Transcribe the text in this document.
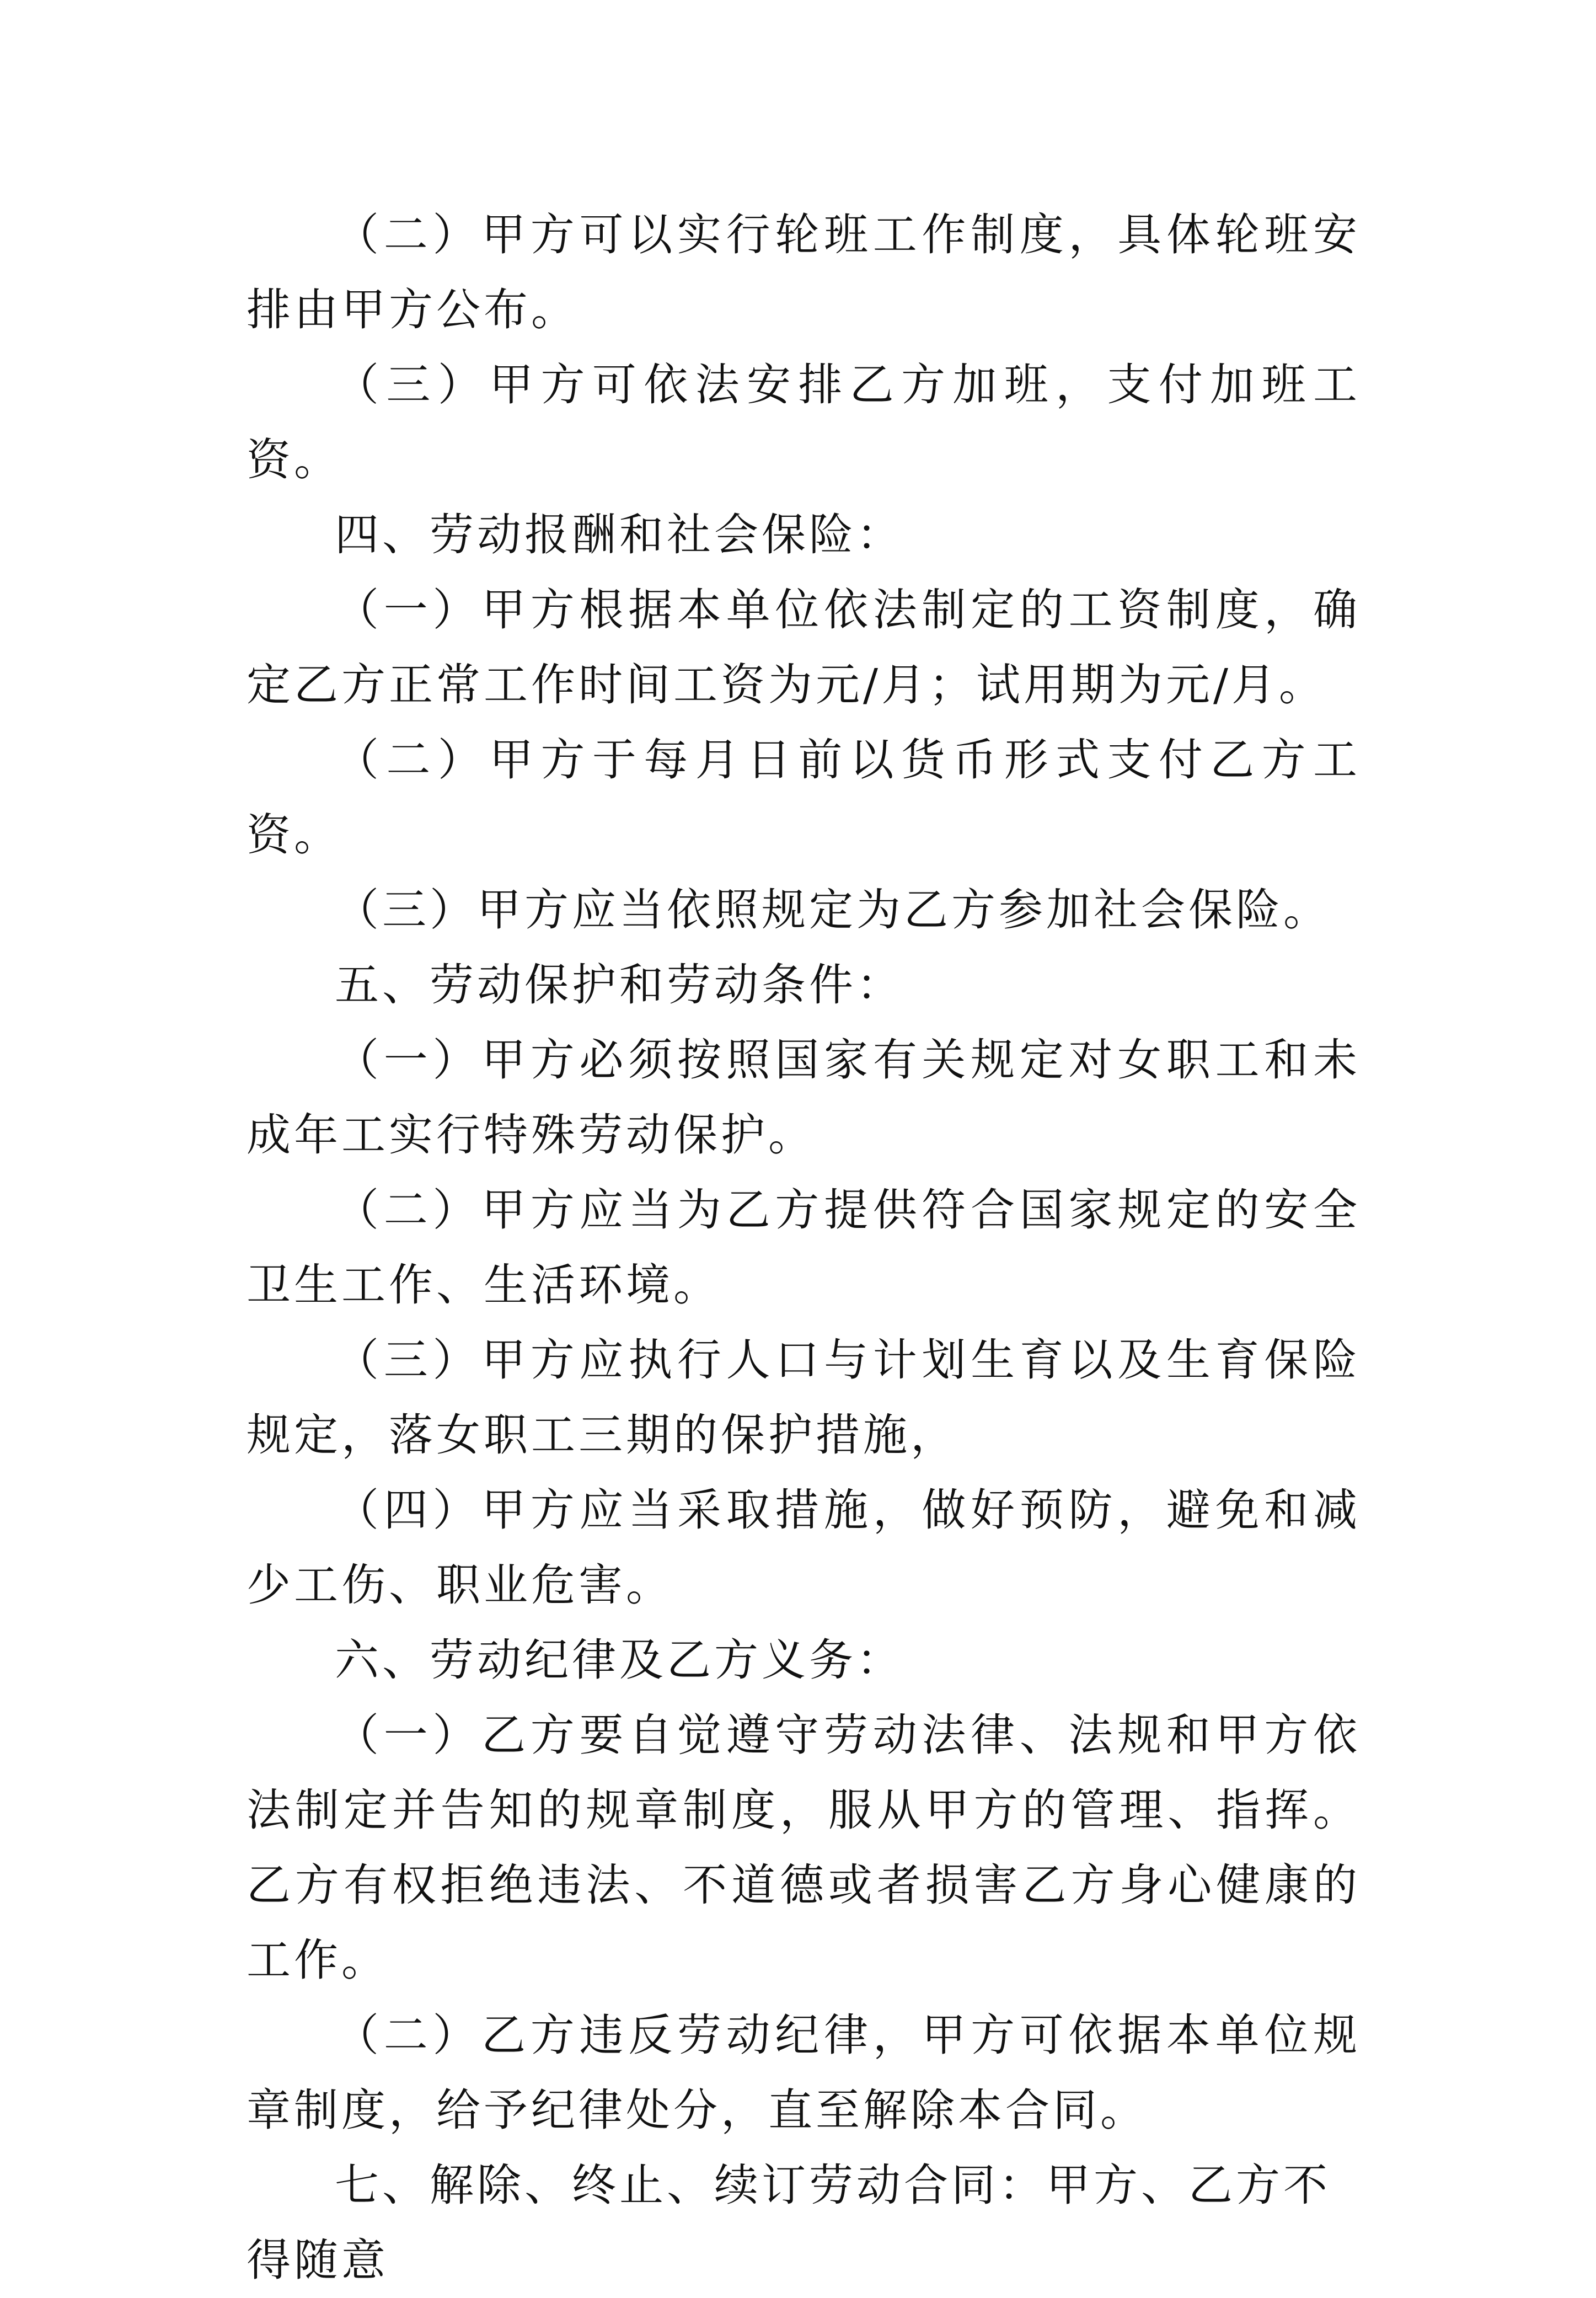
（二）甲方可以实行轮班工作制度，具体轮班安排由甲方公布。

（三）甲方可依法安排乙方加班，支付加班工资。

四、劳动报酬和社会保险：

（一）甲方根据本单位依法制定的工资制度，确定乙方正常工作时间工资为元/月；试用期为元/月。

（二）甲方于每月日前以货币形式支付乙方工资。

（三）甲方应当依照规定为乙方参加社会保险。

五、劳动保护和劳动条件：

（一）甲方必须按照国家有关规定对女职工和未成年工实行特殊劳动保护。

（二）甲方应当为乙方提供符合国家规定的安全卫生工作、生活环境。

（三）甲方应执行人口与计划生育以及生育保险规定，落女职工三期的保护措施，

（四）甲方应当采取措施，做好预防，避免和减少工伤、职业危害。

六、劳动纪律及乙方义务：

（一）乙方要自觉遵守劳动法律、法规和甲方依法制定并告知的规章制度，服从甲方的管理、指挥。乙方有权拒绝违法、不道德或者损害乙方身心健康的工作。

（二）乙方违反劳动纪律，甲方可依据本单位规章制度，给予纪律处分，直至解除本合同。

七、解除、终止、续订劳动合同：甲方、乙方不得随意
